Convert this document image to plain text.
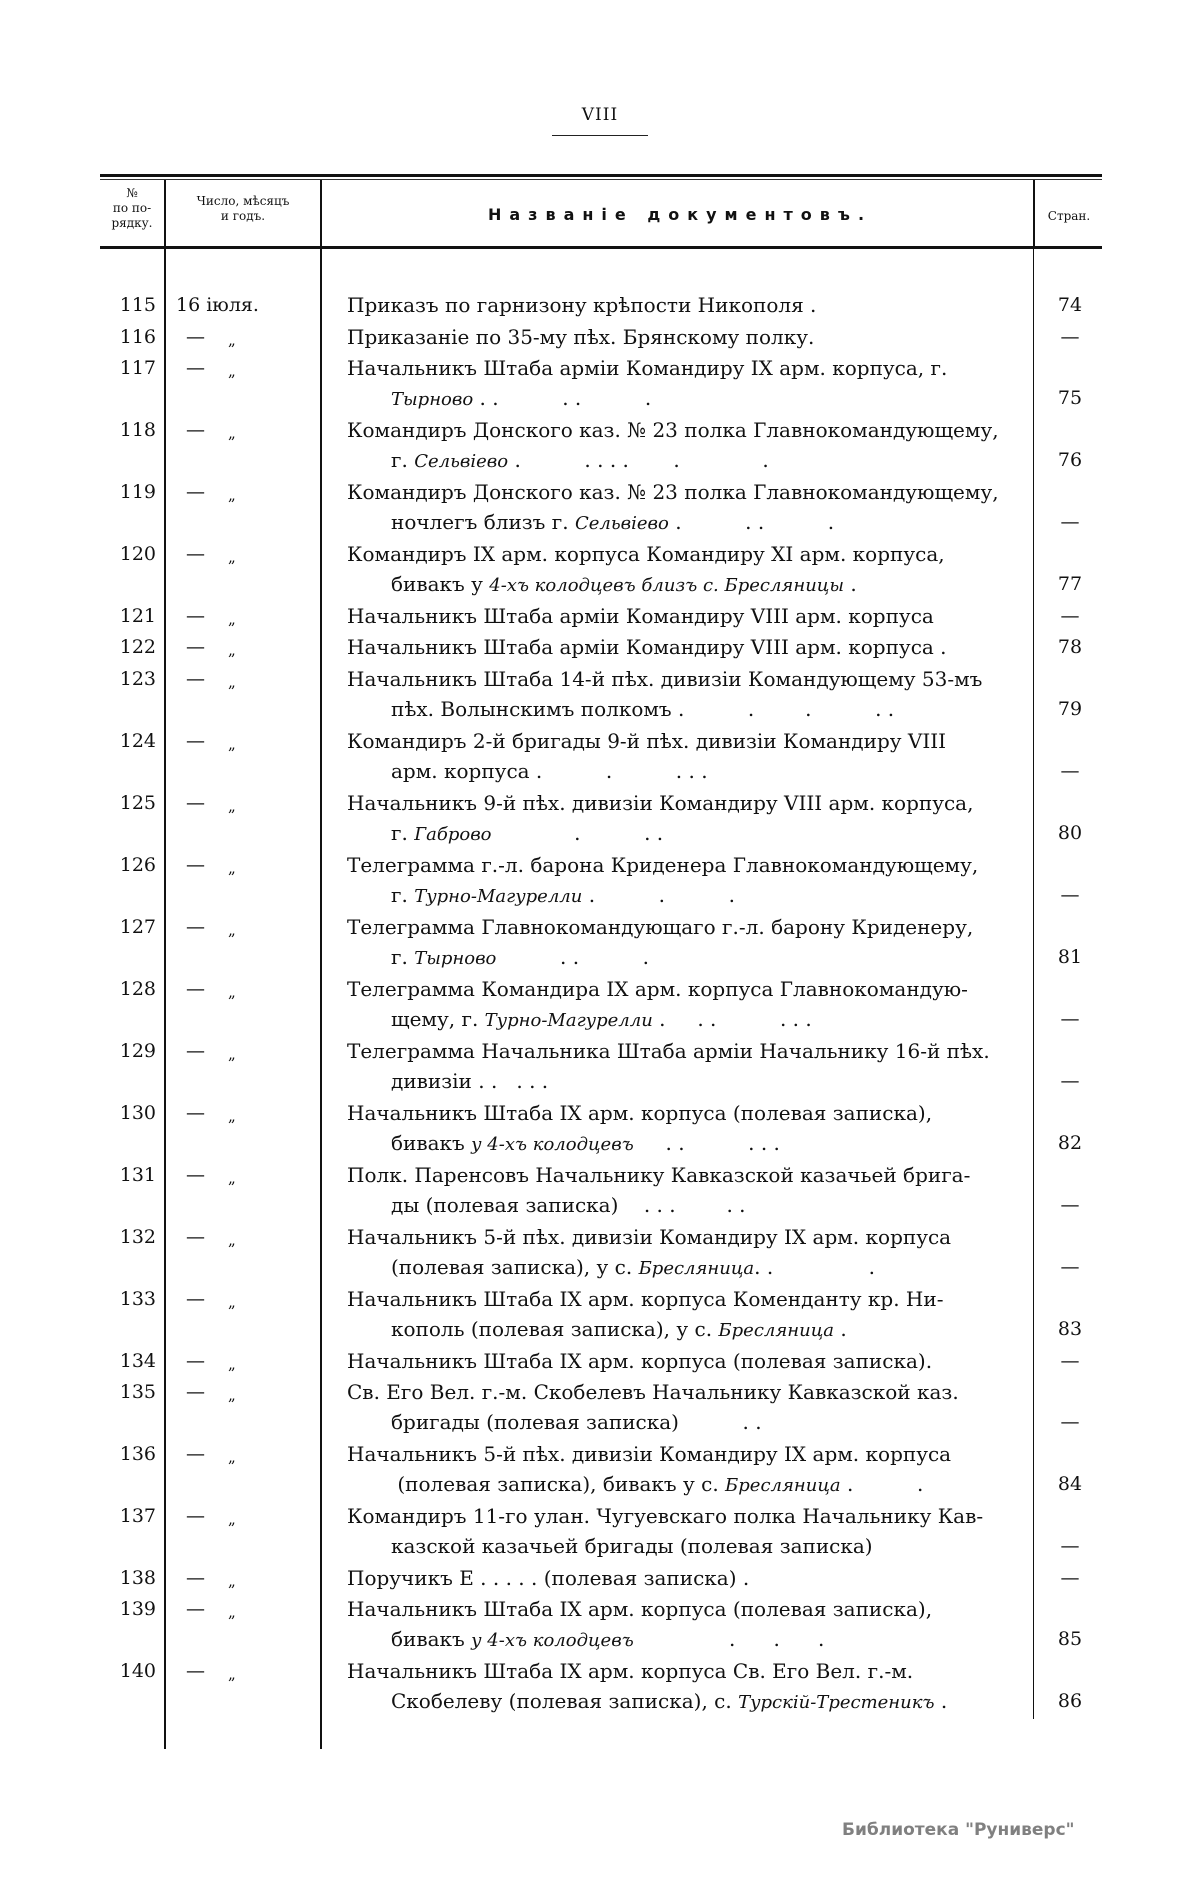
VIII
№
по по-
рядку.
Число, мѣсяцъ
и годъ.	Названіе документовъ.	Стран.
115 16 іюля.	Приказъ по гарнизону крѣпости Никополя .	74
116 — „	Приказаніе по 35-му пѣх. Брянскому полку.	—
117 — „	Начальникъ Штаба арміи Командиру IX арм. корпуса, г.
Тырново . .          . .          .	75
118 — „	Командиръ Донского каз. № 23 полка Главнокомандующему,
г. Сельвіево .          . . . .       .             .	76
119 — „	Командиръ Донского каз. № 23 полка Главнокомандующему,
ночлегъ близъ г. Сельвіево .          . .          .	—
120 — „	Командиръ IX арм. корпуса Командиру XI арм. корпуса,
бивакъ у 4-хъ колодцевъ близъ с. Бресляницы .	77
121 — „	Начальникъ Штаба арміи Командиру VIII арм. корпуса	—
122 — „	Начальникъ Штаба арміи Командиру VIII арм. корпуса .	78
123 — „	Начальникъ Штаба 14-й пѣх. дивизіи Командующему 53-мъ
пѣх. Волынскимъ полкомъ .          .        .          . .	79
124 — „	Командиръ 2-й бригады 9-й пѣх. дивизіи Командиру VIII
арм. корпуса .          .          . . .	—
125 — „	Начальникъ 9-й пѣх. дивизіи Командиру VIII арм. корпуса,
г. Габрово             .          . .	80
126 — „	Телеграмма г.-л. барона Криденера Главнокомандующему,
г. Турно-Магурелли .          .          .	—
127 — „	Телеграмма Главнокомандующаго г.-л. барону Криденеру,
г. Тырново          . .          .	81
128 — „	Телеграмма Командира IX арм. корпуса Главнокомандую-
щему, г. Турно-Магурелли .     . .          . . .	—
129 — „	Телеграмма Начальника Штаба арміи Начальнику 16-й пѣх.
дивизіи . .   . . .	—
130 — „	Начальникъ Штаба IX арм. корпуса (полевая записка),
бивакъ у 4-хъ колодцевъ     . .          . . .	82
131 — „	Полк. Паренсовъ Начальнику Кавказской казачьей брига-
ды (полевая записка)    . . .        . .	—
132 — „	Начальникъ 5-й пѣх. дивизіи Командиру IX арм. корпуса
(полевая записка), у с. Бресляница. .               .	—
133 — „	Начальникъ Штаба IX арм. корпуса Коменданту кр. Ни-
кополь (полевая записка), у с. Бресляница .	83
134 — „	Начальникъ Штаба IX арм. корпуса (полевая записка).	—
135 — „	Св. Его Вел. г.-м. Скобелевъ Начальнику Кавказской каз.
бригады (полевая записка)          . .	—
136 — „	Начальникъ 5-й пѣх. дивизіи Командиру IX арм. корпуса
(полевая записка), бивакъ у с. Бресляница .          .	84
137 — „	Командиръ 11-го улан. Чугуевскаго полка Начальнику Кав-
казской казачьей бригады (полевая записка)	—
138 — „	Поручикъ Е . . . . . (полевая записка) .	—
139 — „	Начальникъ Штаба IX арм. корпуса (полевая записка),
бивакъ у 4-хъ колодцевъ               .      .      .	85
140 — „	Начальникъ Штаба IX арм. корпуса Св. Его Вел. г.-м.
Скобелеву (полевая записка), с. Турскій-Трестеникъ .	86
Библиотека "Руниверс"
